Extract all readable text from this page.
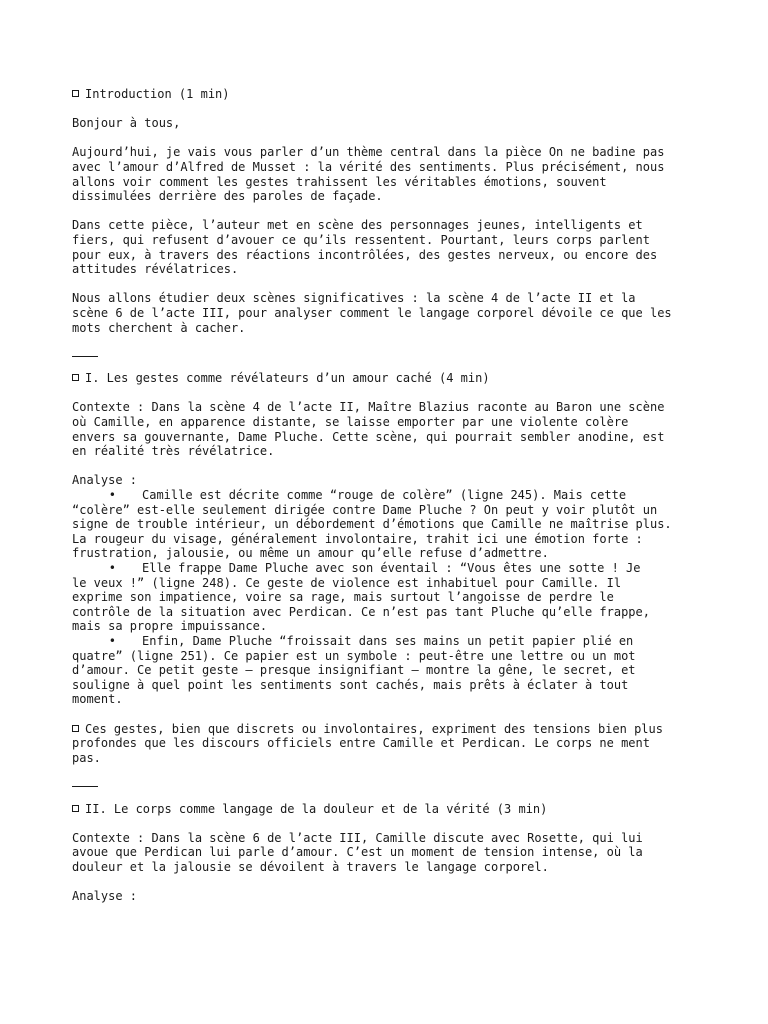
Introduction (1 min)

Bonjour à tous,

Aujourd’hui, je vais vous parler d’un thème central dans la pièce On ne badine pas
avec l’amour d’Alfred de Musset : la vérité des sentiments. Plus précisément, nous
allons voir comment les gestes trahissent les véritables émotions, souvent
dissimulées derrière des paroles de façade.

Dans cette pièce, l’auteur met en scène des personnages jeunes, intelligents et
fiers, qui refusent d’avouer ce qu’ils ressentent. Pourtant, leurs corps parlent
pour eux, à travers des réactions incontrôlées, des gestes nerveux, ou encore des
attitudes révélatrices.

Nous allons étudier deux scènes significatives : la scène 4 de l’acte II et la
scène 6 de l’acte III, pour analyser comment le langage corporel dévoile ce que les
mots cherchent à cacher.

I. Les gestes comme révélateurs d’un amour caché (4 min)

Contexte : Dans la scène 4 de l’acte II, Maître Blazius raconte au Baron une scène
où Camille, en apparence distante, se laisse emporter par une violente colère
envers sa gouvernante, Dame Pluche. Cette scène, qui pourrait sembler anodine, est
en réalité très révélatrice.

Analyse :

• Camille est décrite comme “rouge de colère” (ligne 245). Mais cette

“colère” est-elle seulement dirigée contre Dame Pluche ? On peut y voir plutôt un
signe de trouble intérieur, un débordement d’émotions que Camille ne maîtrise plus.
La rougeur du visage, généralement involontaire, trahit ici une émotion forte :
frustration, jalousie, ou même un amour qu’elle refuse d’admettre.

• Elle frappe Dame Pluche avec son éventail : “Vous êtes une sotte ! Je

le veux !” (ligne 248). Ce geste de violence est inhabituel pour Camille. Il
exprime son impatience, voire sa rage, mais surtout l’angoisse de perdre le
contrôle de la situation avec Perdican. Ce n’est pas tant Pluche qu’elle frappe,
mais sa propre impuissance.

• Enfin, Dame Pluche “froissait dans ses mains un petit papier plié en

quatre” (ligne 251). Ce papier est un symbole : peut-être une lettre ou un mot
d’amour. Ce petit geste – presque insignifiant – montre la gêne, le secret, et
souligne à quel point les sentiments sont cachés, mais prêts à éclater à tout
moment.

Ces gestes, bien que discrets ou involontaires, expriment des tensions bien plus

profondes que les discours officiels entre Camille et Perdican. Le corps ne ment
pas.

II. Le corps comme langage de la douleur et de la vérité (3 min)

Contexte : Dans la scène 6 de l’acte III, Camille discute avec Rosette, qui lui
avoue que Perdican lui parle d’amour. C’est un moment de tension intense, où la
douleur et la jalousie se dévoilent à travers le langage corporel.

Analyse :
